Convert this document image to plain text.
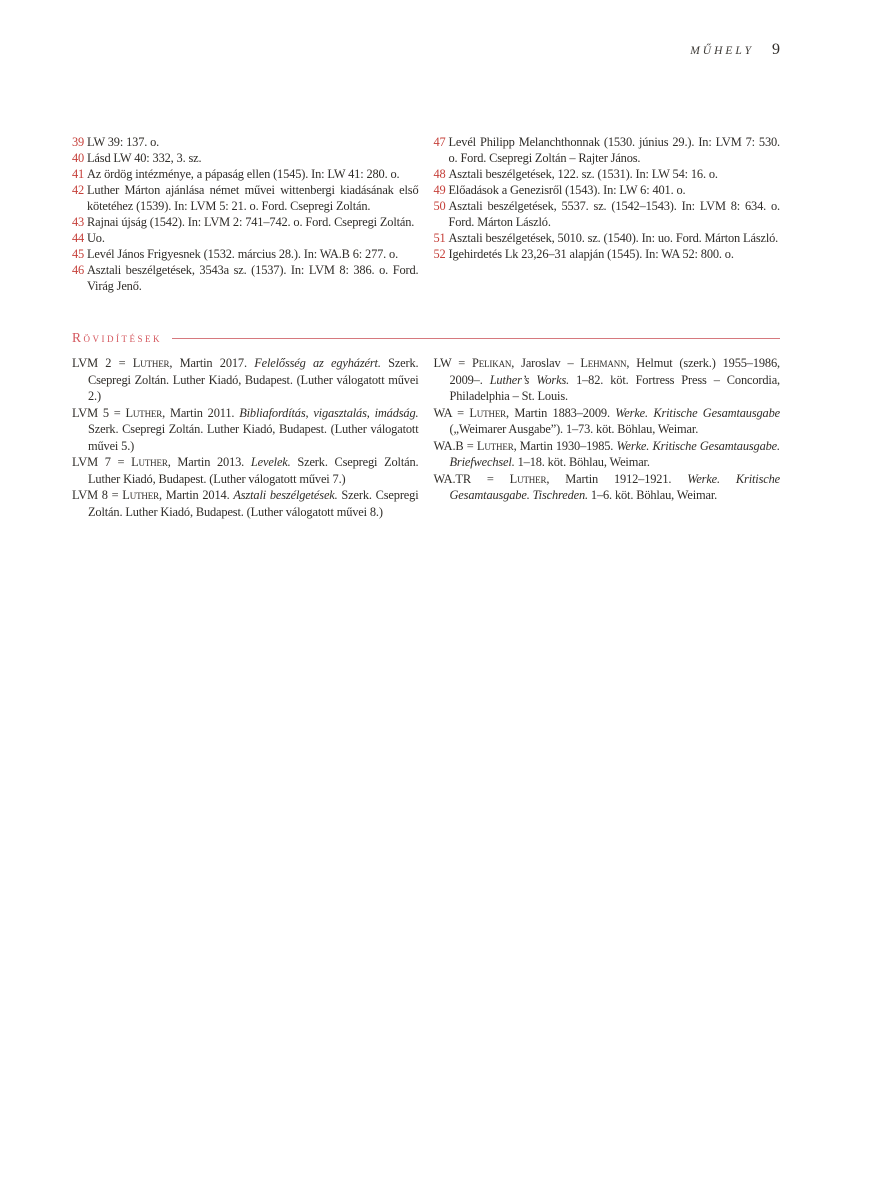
MŰHELY 9
39 LW 39: 137. o.
40 Lásd LW 40: 332, 3. sz.
41 Az ördög intézménye, a pápaság ellen (1545). In: LW 41: 280. o.
42 Luther Márton ajánlása német művei wittenbergi kiadásának első kötetéhez (1539). In: LVM 5: 21. o. Ford. Csepregi Zoltán.
43 Rajnai újság (1542). In: LVM 2: 741–742. o. Ford. Csepregi Zoltán.
44 Uo.
45 Levél János Frigyesnek (1532. március 28.). In: WA.B 6: 277. o.
46 Asztali beszélgetések, 3543a sz. (1537). In: LVM 8: 386. o. Ford. Virág Jenő.
47 Levél Philipp Melanchthonnak (1530. június 29.). In: LVM 7: 530. o. Ford. Csepregi Zoltán – Rajter János.
48 Asztali beszélgetések, 122. sz. (1531). In: LW 54: 16. o.
49 Előadások a Genezisről (1543). In: LW 6: 401. o.
50 Asztali beszélgetések, 5537. sz. (1542–1543). In: LVM 8: 634. o. Ford. Márton László.
51 Asztali beszélgetések, 5010. sz. (1540). In: uo. Ford. Márton László.
52 Igehirdetés Lk 23,26–31 alapján (1545). In: WA 52: 800. o.
Rövidítések
LVM 2 = Luther, Martin 2017. Felelősség az egyházért. Szerk. Csepregi Zoltán. Luther Kiadó, Budapest. (Luther válogatott művei 2.)
LVM 5 = Luther, Martin 2011. Bibliafordítás, vigasztalás, imádság. Szerk. Csepregi Zoltán. Luther Kiadó, Budapest. (Luther válogatott művei 5.)
LVM 7 = Luther, Martin 2013. Levelek. Szerk. Csepregi Zoltán. Luther Kiadó, Budapest. (Luther válogatott művei 7.)
LVM 8 = Luther, Martin 2014. Asztali beszélgetések. Szerk. Csepregi Zoltán. Luther Kiadó, Budapest. (Luther válogatott művei 8.)
LW = Pelikan, Jaroslav – Lehmann, Helmut (szerk.) 1955–1986, 2009–. Luther’s Works. 1–82. köt. Fortress Press – Concordia, Philadelphia – St. Louis.
WA = Luther, Martin 1883–2009. Werke. Kritische Gesamtausgabe („Weimarer Ausgabe”). 1–73. köt. Böhlau, Weimar.
WA.B = Luther, Martin 1930–1985. Werke. Kritische Gesamtausgabe. Briefwechsel. 1–18. köt. Böhlau, Weimar.
WA.TR = Luther, Martin 1912–1921. Werke. Kritische Gesamtausgabe. Tischreden. 1–6. köt. Böhlau, Weimar.
